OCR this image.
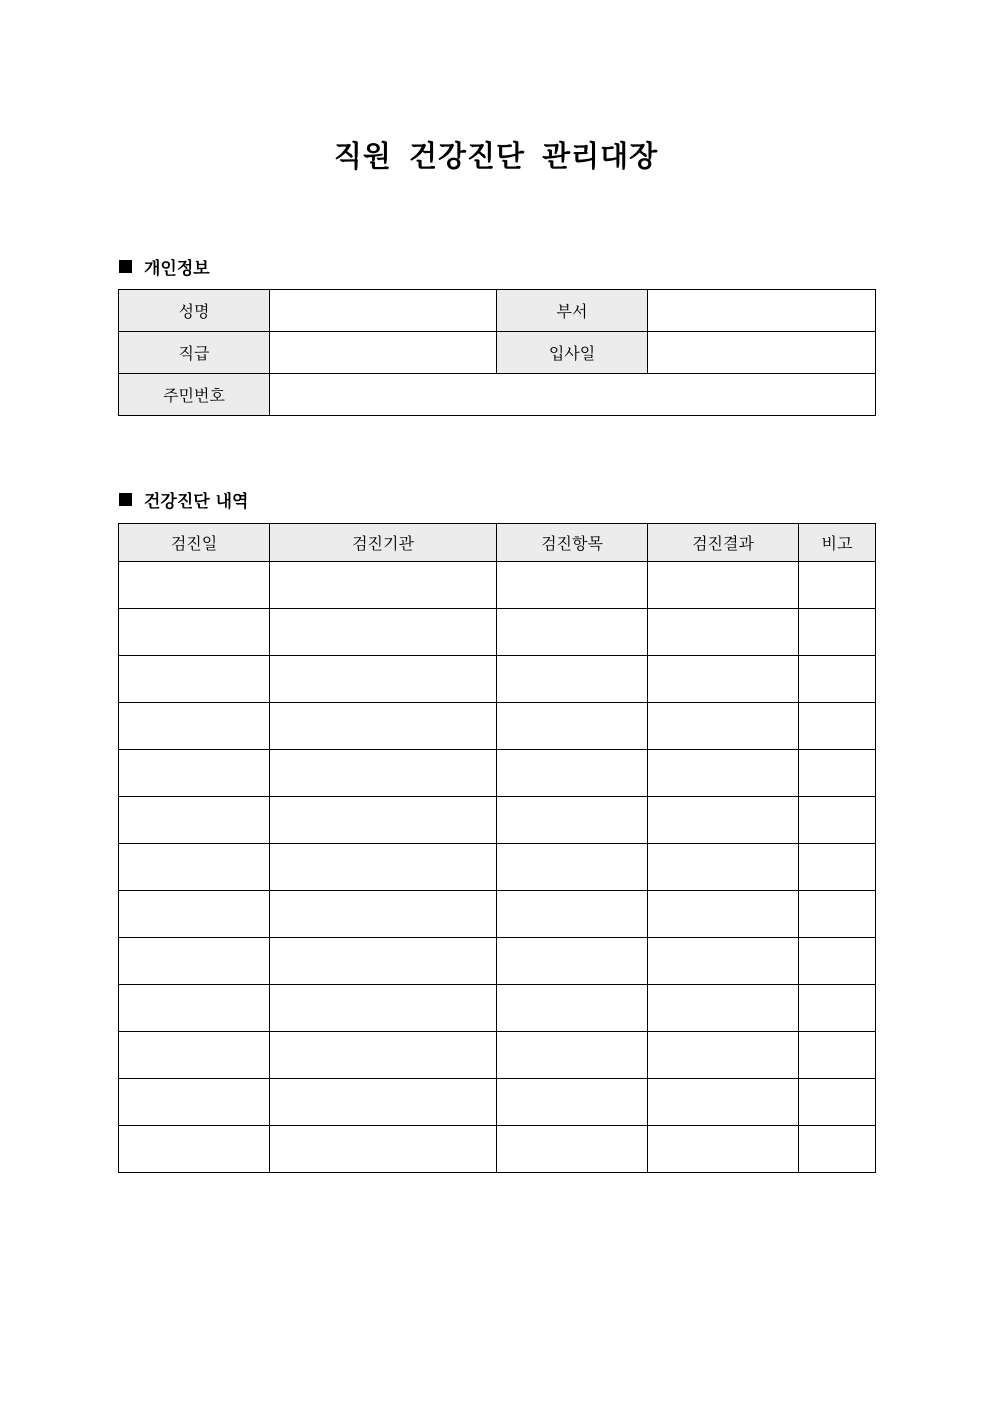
직원 건강진단 관리대장
개인정보
성명		부서	
직급		입사일	
주민번호			
건강진단 내역
검진일	검진기관	검진항목	검진결과	비고
